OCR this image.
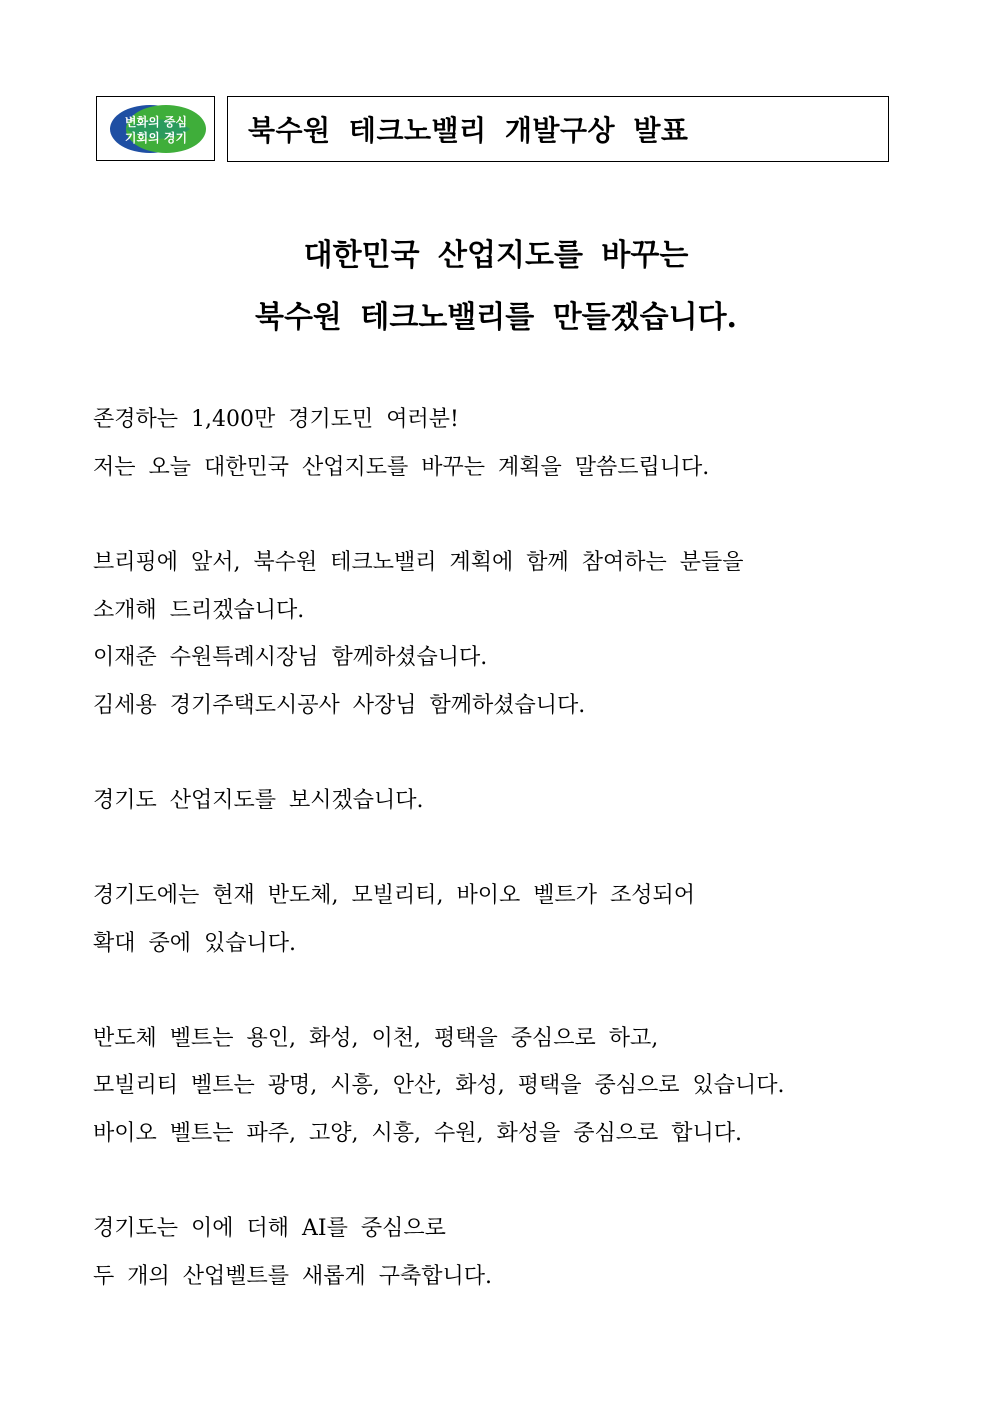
변화의 중심
기회의 경기 북수원 테크노밸리 개발구상 발표
대한민국 산업지도를 바꾸는
북수원 테크노밸리를 만들겠습니다.
존경하는 1,400만 경기도민 여러분!
저는 오늘 대한민국 산업지도를 바꾸는 계획을 말씀드립니다.
브리핑에 앞서, 북수원 테크노밸리 계획에 함께 참여하는 분들을
소개해 드리겠습니다.
이재준 수원특례시장님 함께하셨습니다.
김세용 경기주택도시공사 사장님 함께하셨습니다.
경기도 산업지도를 보시겠습니다.
경기도에는 현재 반도체, 모빌리티, 바이오 벨트가 조성되어
확대 중에 있습니다.
반도체 벨트는 용인, 화성, 이천, 평택을 중심으로 하고,
모빌리티 벨트는 광명, 시흥, 안산, 화성, 평택을 중심으로 있습니다.
바이오 벨트는 파주, 고양, 시흥, 수원, 화성을 중심으로 합니다.
경기도는 이에 더해 AI를 중심으로
두 개의 산업벨트를 새롭게 구축합니다.
